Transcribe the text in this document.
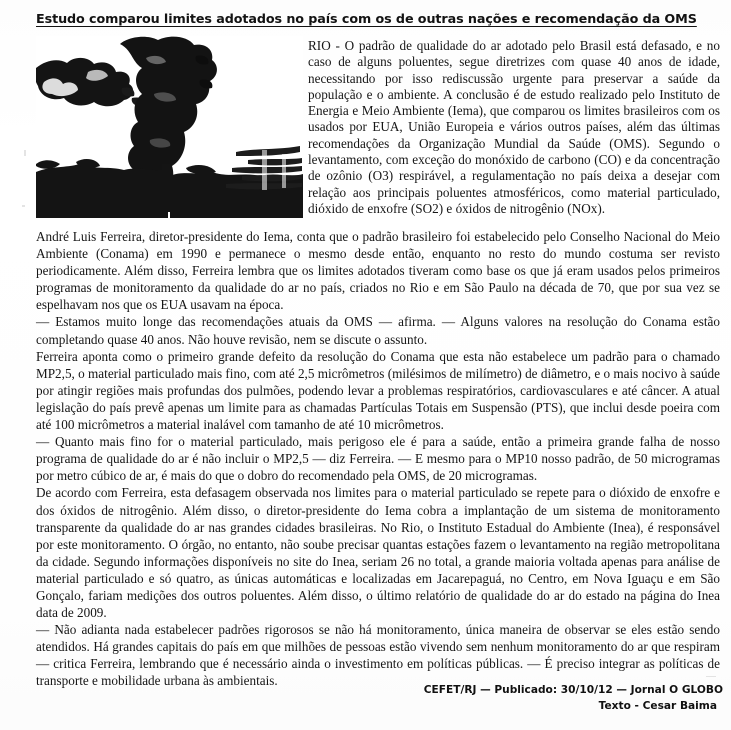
Estudo comparou limites adotados no país com os de outras nações e recomendação da OMS
RIO - O padrão de qualidade do ar adotado pelo Brasil está defasado, e no caso de alguns poluentes, segue diretrizes com quase 40 anos de idade, necessitando por isso rediscussão urgente para preservar a saúde da população e o ambiente. A conclusão é de estudo realizado pelo Instituto de Energia e Meio Ambiente (Iema), que comparou os limites brasileiros com os usados por EUA, União Europeia e vários outros países, além das últimas recomendações da Organização Mundial da Saúde (OMS). Segundo o levantamento, com exceção do monóxido de carbono (CO) e da concentração de ozônio (O3) respirável, a regulamentação no país deixa a desejar com relação aos principais poluentes atmosféricos, como material particulado, dióxido de enxofre (SO2) e óxidos de nitrogênio (NOx).

André Luis Ferreira, diretor-presidente do Iema, conta que o padrão brasileiro foi estabelecido pelo Conselho Nacional do Meio Ambiente (Conama) em 1990 e permanece o mesmo desde então, enquanto no resto do mundo costuma ser revisto periodicamente. Além disso, Ferreira lembra que os limites adotados tiveram como base os que já eram usados pelos primeiros programas de monitoramento da qualidade do ar no país, criados no Rio e em São Paulo na década de 70, que por sua vez se espelhavam nos que os EUA usavam na época.

— Estamos muito longe das recomendações atuais da OMS — afirma. — Alguns valores na resolução do Conama estão completando quase 40 anos. Não houve revisão, nem se discute o assunto.

Ferreira aponta como o primeiro grande defeito da resolução do Conama que esta não estabelece um padrão para o chamado MP2,5, o material particulado mais fino, com até 2,5 micrômetros (milésimos de milímetro) de diâmetro, e o mais nocivo à saúde por atingir regiões mais profundas dos pulmões, podendo levar a problemas respiratórios, cardiovasculares e até câncer. A atual legislação do país prevê apenas um limite para as chamadas Partículas Totais em Suspensão (PTS), que inclui desde poeira com até 100 micrômetros a material inalável com tamanho de até 10 micrômetros.

— Quanto mais fino for o material particulado, mais perigoso ele é para a saúde, então a primeira grande falha de nosso programa de qualidade do ar é não incluir o MP2,5 — diz Ferreira. — E mesmo para o MP10 nosso padrão, de 50 microgramas por metro cúbico de ar, é mais do que o dobro do recomendado pela OMS, de 20 microgramas.

De acordo com Ferreira, esta defasagem observada nos limites para o material particulado se repete para o dióxido de enxofre e dos óxidos de nitrogênio. Além disso, o diretor-presidente do Iema cobra a implantação de um sistema de monitoramento transparente da qualidade do ar nas grandes cidades brasileiras. No Rio, o Instituto Estadual do Ambiente (Inea), é responsável por este monitoramento. O órgão, no entanto, não soube precisar quantas estações fazem o levantamento na região metropolitana da cidade. Segundo informações disponíveis no site do Inea, seriam 26 no total, a grande maioria voltada apenas para análise de material particulado e só quatro, as únicas automáticas e localizadas em Jacarepaguá, no Centro, em Nova Iguaçu e em São Gonçalo, fariam medições dos outros poluentes. Além disso, o último relatório de qualidade do ar do estado na página do Inea data de 2009.

— Não adianta nada estabelecer padrões rigorosos se não há monitoramento, única maneira de observar se eles estão sendo atendidos. Há grandes capitais do país em que milhões de pessoas estão vivendo sem nenhum monitoramento do ar que respiram — critica Ferreira, lembrando que é necessário ainda o investimento em políticas públicas. — É preciso integrar as políticas de transporte e mobilidade urbana às ambientais.

CEFET/RJ — Publicado: 30/10/12 — Jornal O GLOBO
Texto - Cesar Baima
